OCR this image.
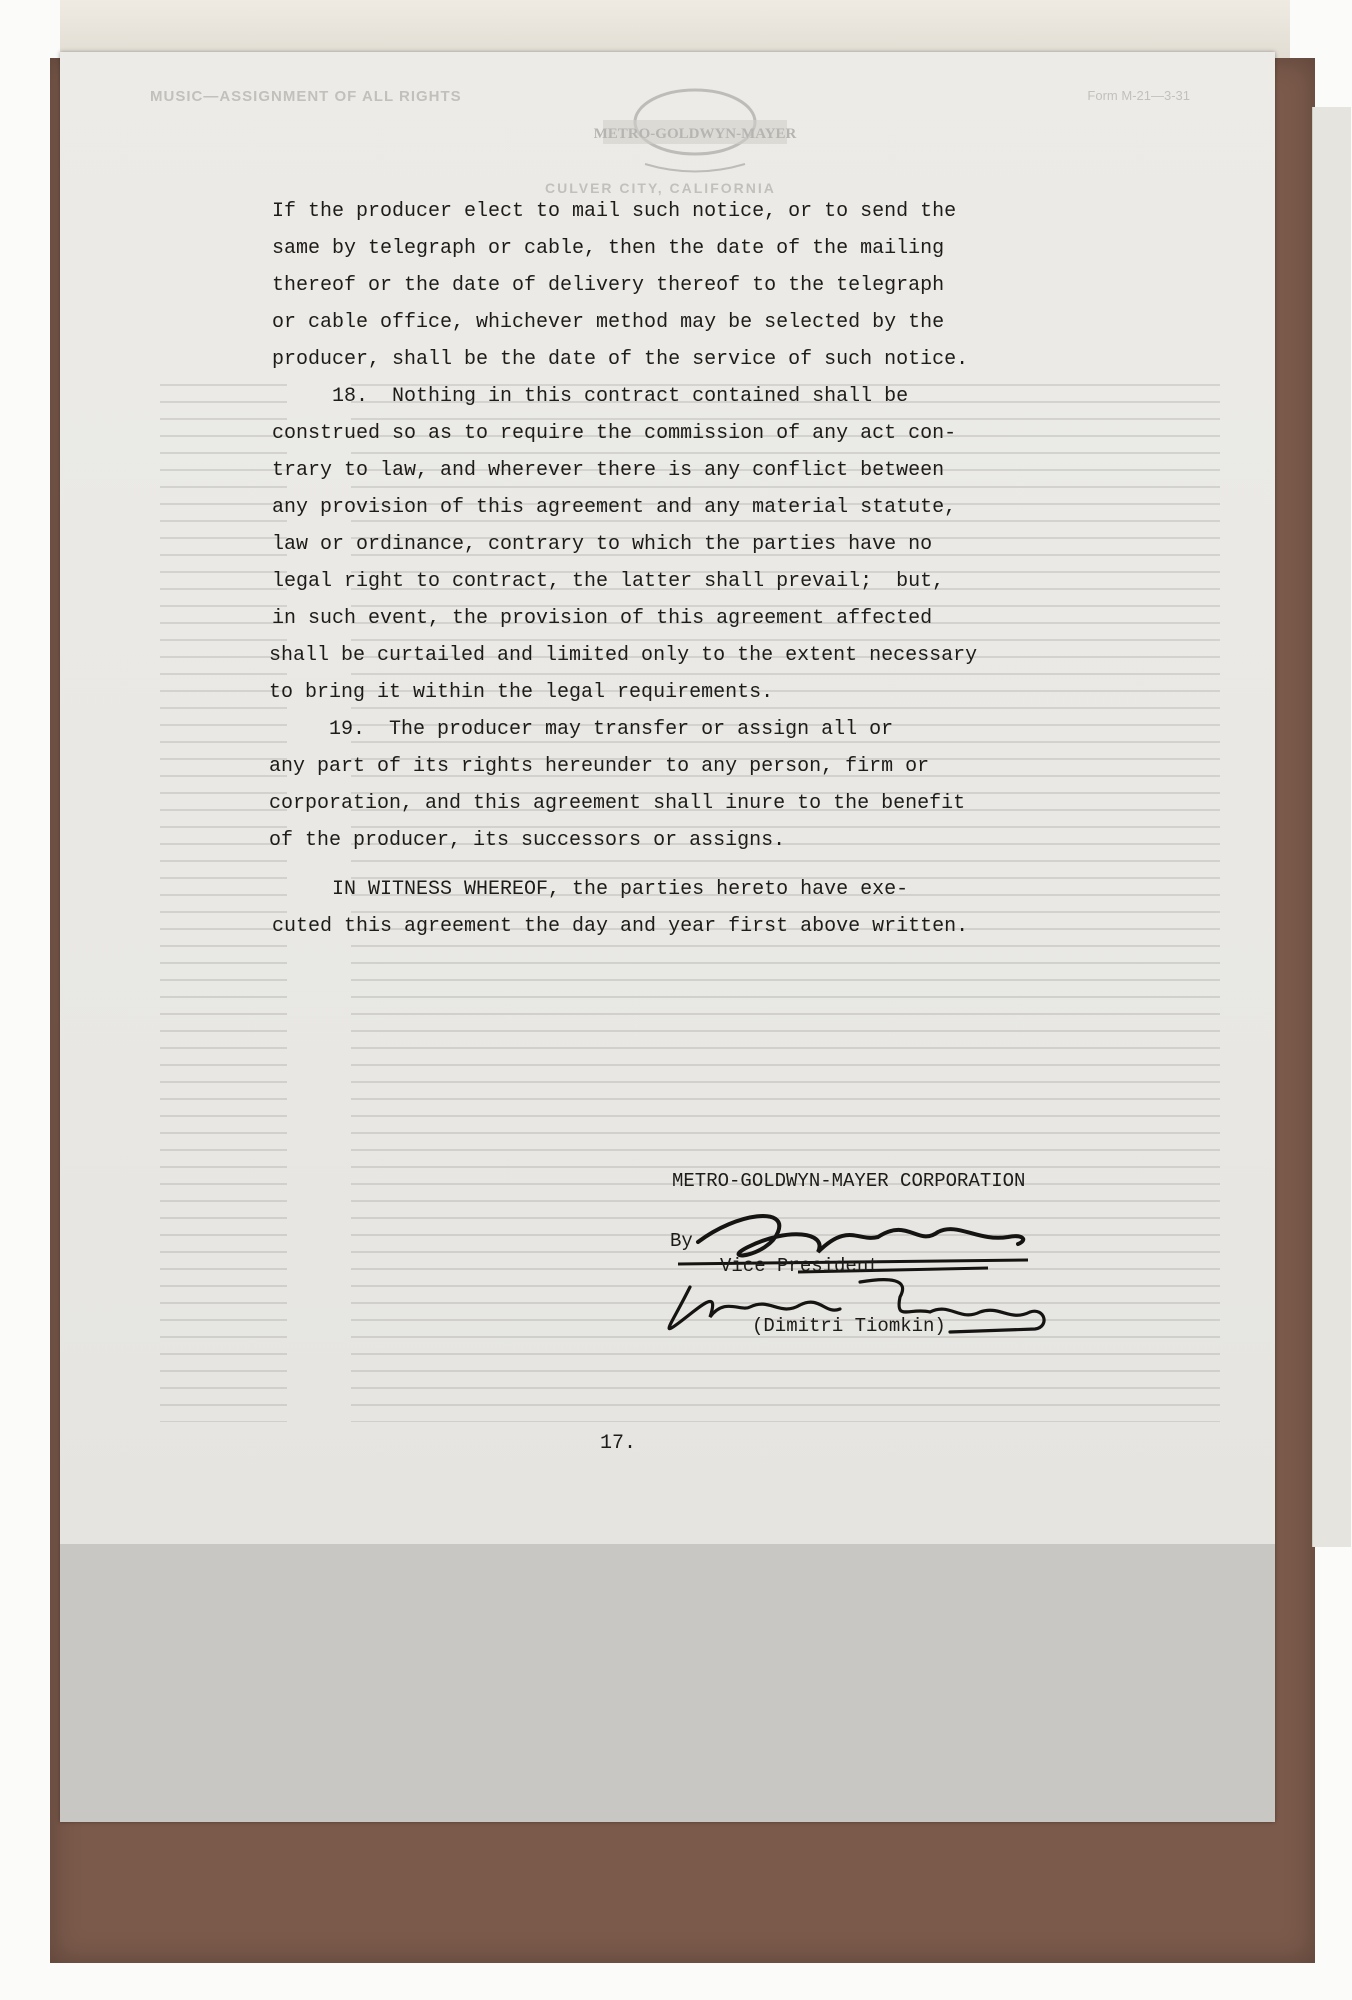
MUSIC—ASSIGNMENT OF ALL RIGHTS
METRO-GOLDWYN-MAYER
Form M-21—3-31
CULVER CITY, CALIFORNIA
If the producer elect to mail such notice, or to send the
same by telegraph or cable, then the date of the mailing
thereof or the date of delivery thereof to the telegraph
or cable office, whichever method may be selected by the
producer, shall be the date of the service of such notice.
18.  Nothing in this contract contained shall be
construed so as to require the commission of any act con-
trary to law, and wherever there is any conflict between
any provision of this agreement and any material statute,
law or ordinance, contrary to which the parties have no
legal right to contract, the latter shall prevail;  but,
in such event, the provision of this agreement affected
shall be curtailed and limited only to the extent necessary
to bring it within the legal requirements.
19.  The producer may transfer or assign all or
any part of its rights hereunder to any person, firm or
corporation, and this agreement shall inure to the benefit
of the producer, its successors or assigns.
IN WITNESS WHEREOF, the parties hereto have exe-
cuted this agreement the day and year first above written.
METRO-GOLDWYN-MAYER CORPORATION
By
Vice President
(Dimitri Tiomkin)
17.
